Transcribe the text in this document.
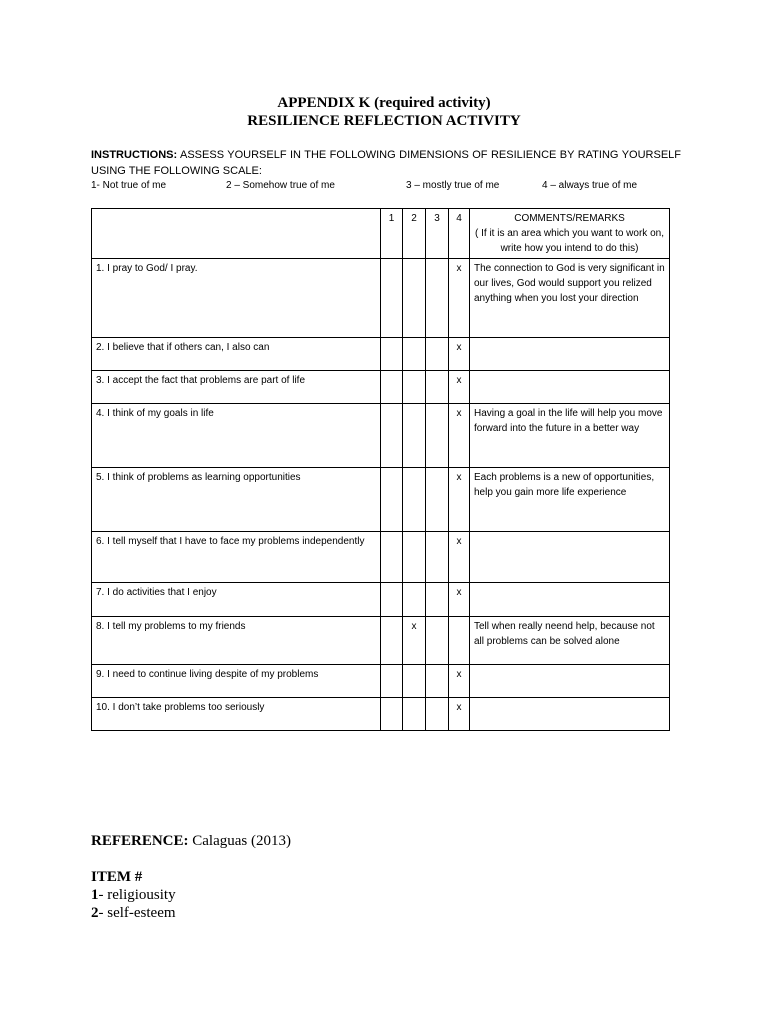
APPENDIX K (required activity)
RESILIENCE REFLECTION ACTIVITY
INSTRUCTIONS: ASSESS YOURSELF IN THE FOLLOWING DIMENSIONS OF RESILIENCE BY RATING YOURSELF USING THE FOLLOWING SCALE:
1- Not true of me	2 – Somehow true of me	3 – mostly true of me	4 – always true of me
	1	2	3	4	COMMENTS/REMARKS
( If it is an area which you want to work on, write how you intend to do this)

1. I pray to God/ I pray.				x	The connection to God is very significant in our lives, God would support you relized anything when you lost your direction
2. I believe that if others can, I also can				x	
3. I accept the fact that problems are part of life				x	
4. I think of my goals in life				x	Having a goal in the life will help you move forward into the future in a better way
5. I think of problems as learning opportunities				x	Each problems is a new of opportunities, help you gain more life experience
6. I tell myself that I have to face my problems independently				x	
7. I do activities that I enjoy				x	
8. I tell my problems to my friends		x			Tell when really neend help, because not all problems can be solved alone
9. I need to continue living despite of my problems				x	
10. I don’t take problems too seriously				x	
REFERENCE: Calaguas (2013)
ITEM #
1- religiousity
2- self-esteem
